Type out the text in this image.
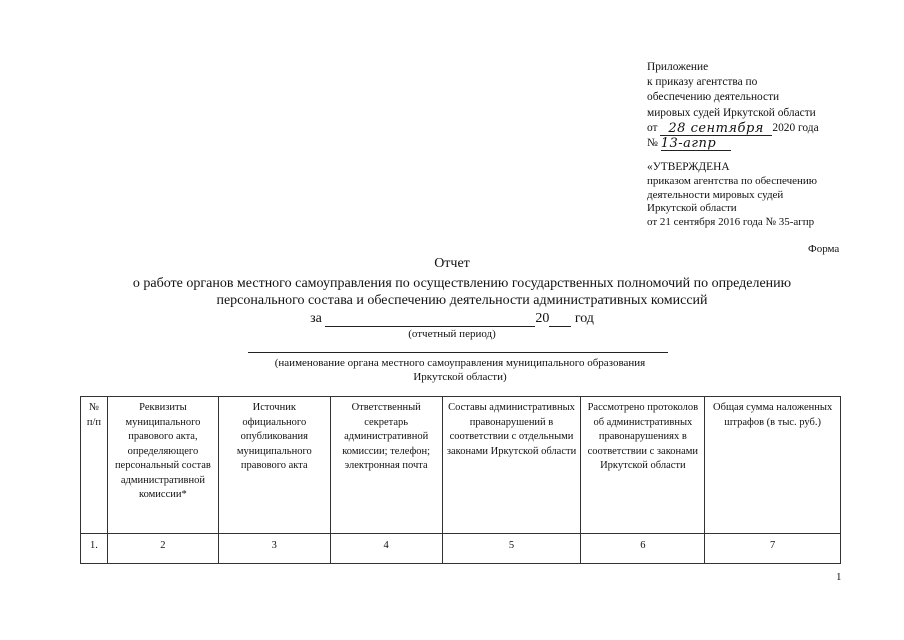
Приложение
к приказу агентства по
обеспечению деятельности
мировых судей Иркутской области
от 28 сентября 2020 года
№ 13-агпр
«УТВЕРЖДЕНА
приказом агентства по обеспечению
деятельности мировых судей
Иркутской области
от 21 сентября 2016 года № 35-агпр
Форма
Отчет
о работе органов местного самоуправления по осуществлению государственных полномочий по определению персонального состава и обеспечению деятельности административных комиссий
за	20 год
(отчетный период)
(наименование органа местного самоуправления муниципального образования Иркутской области)
№ п/п	Реквизиты муниципального правового акта, определяющего персональный состав административной комиссии*	Источник официального опубликования муниципального правового акта	Ответственный секретарь административной комиссии; телефон; электронная почта	Составы административных правонарушений в соответствии с отдельными законами Иркутской области	Рассмотрено протоколов об административных правонарушениях в соответствии с законами Иркутской области	Общая сумма наложенных штрафов (в тыс. руб.)
1.	2	3	4	5	6	7
1
